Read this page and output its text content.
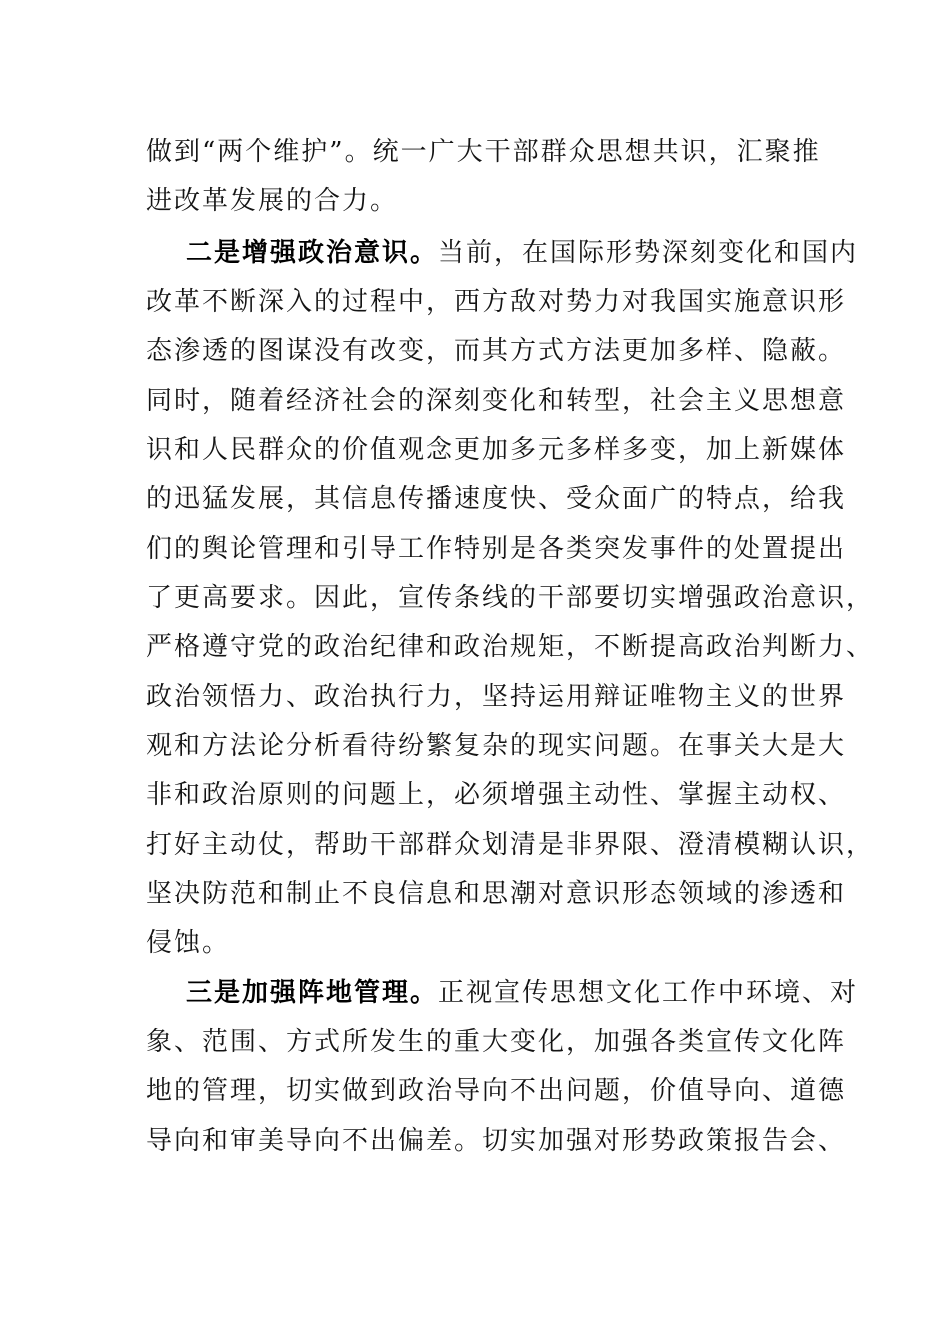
做到“两个维护”。统一广大干部群众思想共识，汇聚推
进改革发展的合力。
二是增强政治意识。当前，在国际形势深刻变化和国内
改革不断深入的过程中，西方敌对势力对我国实施意识形
态渗透的图谋没有改变，而其方式方法更加多样、隐蔽。
同时，随着经济社会的深刻变化和转型，社会主义思想意
识和人民群众的价值观念更加多元多样多变，加上新媒体
的迅猛发展，其信息传播速度快、受众面广的特点，给我
们的舆论管理和引导工作特别是各类突发事件的处置提出
了更高要求。因此，宣传条线的干部要切实增强政治意识，
严格遵守党的政治纪律和政治规矩，不断提高政治判断力、
政治领悟力、政治执行力，坚持运用辩证唯物主义的世界
观和方法论分析看待纷繁复杂的现实问题。在事关大是大
非和政治原则的问题上，必须增强主动性、掌握主动权、
打好主动仗，帮助干部群众划清是非界限、澄清模糊认识，
坚决防范和制止不良信息和思潮对意识形态领域的渗透和
侵蚀。
三是加强阵地管理。正视宣传思想文化工作中环境、对
象、范围、方式所发生的重大变化，加强各类宣传文化阵
地的管理，切实做到政治导向不出问题，价值导向、道德
导向和审美导向不出偏差。切实加强对形势政策报告会、
